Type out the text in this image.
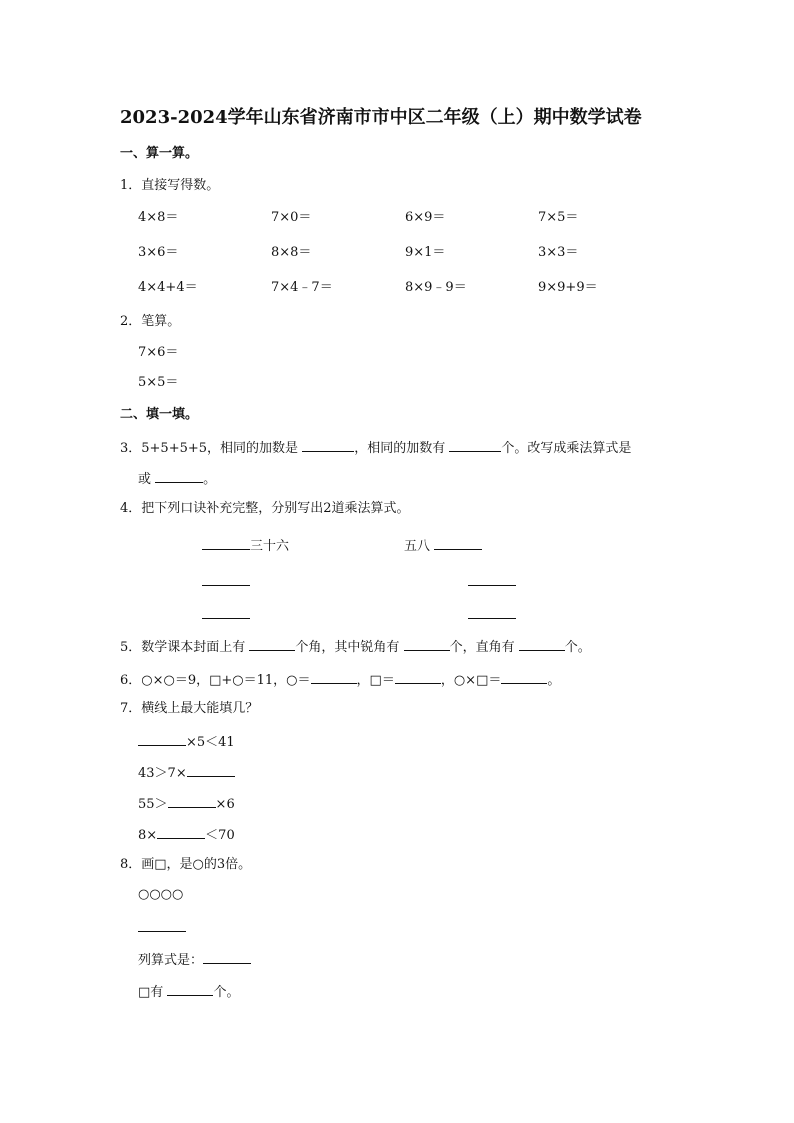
2023-2024学年山东省济南市市中区二年级（上）期中数学试卷
一、算一算。
1．直接写得数。
4×8＝	7×0＝	6×9＝	7×5＝
3×6＝	8×8＝	9×1＝	3×3＝
4×4+4＝	7×4﹣7＝	8×9﹣9＝	9×9+9＝
2．笔算。
7×6＝
5×5＝
二、填一填。
3．5+5+5+5，相同的加数是	，相同的加数有	个。改写成乘法算式是
或	。
4．把下列口诀补充完整，分别写出2道乘法算式。
三十六	五八
5．数学课本封面上有	个角，其中锐角有	个，直角有	个。
6．○×○＝9，□+○＝11，○＝	，□＝	，○×□＝	。
7．横线上最大能填几？
×5＜41
43＞7×
55＞	×6
8×	＜70
8．画□，是○的3倍。
○○○○
列算式是：
□有	个。
